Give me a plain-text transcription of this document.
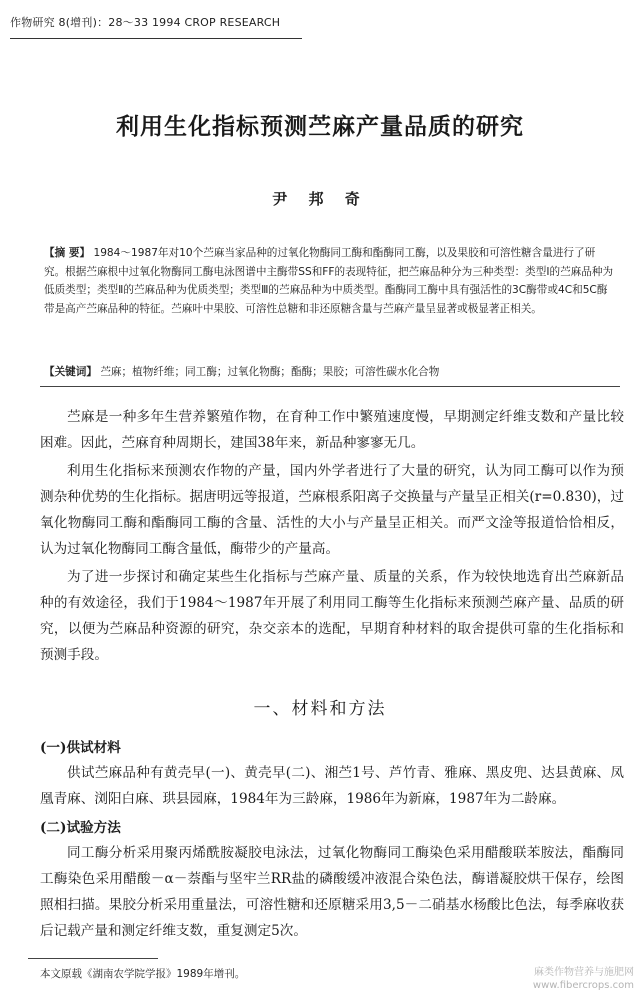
作物研究 8(增刊)：28～33 1994 CROP RESEARCH
利用生化指标预测苎麻产量品质的研究
尹 邦 奇
【摘 要】 1984～1987年对10个苎麻当家品种的过氧化物酶同工酶和酯酶同工酶，以及果胶和可溶性糖含量进行了研究。根据苎麻根中过氧化物酶同工酶电泳图谱中主酶带SS和FF的表现特征，把苎麻品种分为三种类型：类型Ⅰ的苎麻品种为低质类型；类型Ⅱ的苎麻品种为优质类型；类型Ⅲ的苎麻品种为中质类型。酯酶同工酶中具有强活性的3C酶带或4C和5C酶带是高产苎麻品种的特征。苎麻叶中果胶、可溶性总糖和非还原糖含量与苎麻产量呈显著或极显著正相关。
【关键词】 苎麻；植物纤维；同工酶；过氧化物酶；酯酶；果胶；可溶性碳水化合物
苎麻是一种多年生营养繁殖作物，在育种工作中繁殖速度慢，早期测定纤维支数和产量比较困难。因此，苎麻育种周期长，建国38年来，新品种寥寥无几。
利用生化指标来预测农作物的产量，国内外学者进行了大量的研究，认为同工酶可以作为预测杂种优势的生化指标。据唐明远等报道，苎麻根系阳离子交换量与产量呈正相关(r=0.830)，过氧化物酶同工酶和酯酶同工酶的含量、活性的大小与产量呈正相关。而严文淦等报道恰恰相反，认为过氧化物酶同工酶含量低，酶带少的产量高。
为了进一步探讨和确定某些生化指标与苎麻产量、质量的关系，作为较快地选育出苎麻新品种的有效途径，我们于1984～1987年开展了利用同工酶等生化指标来预测苎麻产量、品质的研究，以便为苎麻品种资源的研究，杂交亲本的选配，早期育种材料的取舍提供可靠的生化指标和预测手段。
一、材料和方法
(一)供试材料
供试苎麻品种有黄壳早(一)、黄壳早(二)、湘苎1号、芦竹青、雅麻、黑皮兜、达县黄麻、凤凰青麻、浏阳白麻、珙县园麻，1984年为三龄麻，1986年为新麻，1987年为二龄麻。
(二)试验方法
同工酶分析采用聚丙烯酰胺凝胶电泳法，过氧化物酶同工酶染色采用醋酸联苯胺法，酯酶同工酶染色采用醋酸－α－萘酯与坚牢兰RR盐的磷酸缓冲液混合染色法，酶谱凝胶烘干保存，绘图照相扫描。果胶分析采用重量法，可溶性糖和还原糖采用3,5－二硝基水杨酸比色法，每季麻收获后记载产量和测定纤维支数，重复测定5次。
本文原载《湖南农学院学报》1989年增刊。	麻类作物营养与施肥网
www.fibercrops.com
